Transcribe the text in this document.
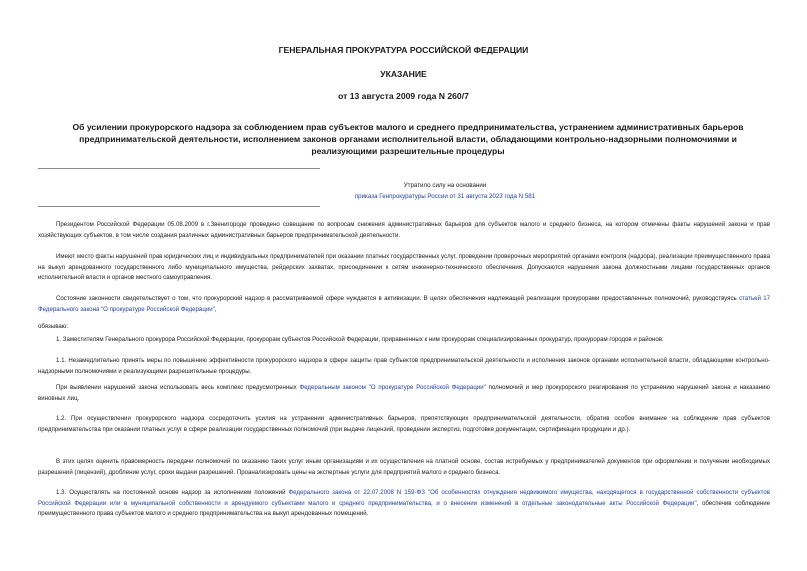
ГЕНЕРАЛЬНАЯ ПРОКУРАТУРА РОССИЙСКОЙ ФЕДЕРАЦИИ
УКАЗАНИЕ
от 13 августа 2009 года N 260/7
Об усилении прокурорского надзора за соблюдением прав субъектов малого и среднего предпринимательства, устранением административных барьеров предпринимательской деятельности, исполнением законов органами исполнительной власти, обладающими контрольно-надзорными полномочиями и реализующими разрешительные процедуры
Утратило силу на основании
приказа Генпрокуратуры России от 31 августа 2023 года N 581
Президентом Российской Федерации 05.08.2009 в г.Звенигороде проведено совещание по вопросам снижения административных барьеров для субъектов малого и среднего бизнеса, на котором отмечены факты нарушений закона и прав хозяйствующих субъектов, в том числе создания различных административных барьеров предпринимательской деятельности.
Имеют место факты нарушений прав юридических лиц и индивидуальных предпринимателей при оказании платных государственных услуг, проведении проверочных мероприятий органами контроля (надзора), реализации преимущественного права на выкуп арендованного государственного либо муниципального имущества, рейдерских захватах, присоединении к сетям инженерно-технического обеспечения. Допускаются нарушения закона должностными лицами государственных органов исполнительной власти и органов местного самоуправления.
Состояние законности свидетельствует о том, что прокурорский надзор в рассматриваемой сфере нуждается в активизации. В целях обеспечения надлежащей реализации прокурорами предоставленных полномочий, руководствуясь статьей 17 Федерального закона "О прокуратуре Российской Федерации",
обязываю:
1. Заместителям Генерального прокурора Российской Федерации, прокурорам субъектов Российской Федерации, приравненных к ним прокурорам специализированных прокуратур, прокурорам городов и районов:
1.1. Незамедлительно принять меры по повышению эффективности прокурорского надзора в сфере защиты прав субъектов предпринимательской деятельности и исполнения законов органами исполнительной власти, обладающими контрольно-надзорными полномочиями и реализующими разрешительные процедуры.
При выявлении нарушений закона использовать весь комплекс предусмотренных Федеральным законом "О прокуратуре Российской Федерации" полномочий и мер прокурорского реагирования по устранению нарушений закона и наказанию виновных лиц.
1.2. При осуществлении прокурорского надзора сосредоточить усилия на устранении административных барьеров, препятствующих предпринимательской деятельности, обратив особое внимание на соблюдение прав субъектов предпринимательства при оказании платных услуг в сфере реализации государственных полномочий (при выдаче лицензий, проведении экспертиз, подготовке документации, сертификации продукции и др.).
В этих целях оценить правомерность передачи полномочий по оказанию таких услуг иным организациям и их осуществления на платной основе, состав истребуемых у предпринимателей документов при оформлении и получении необходимых разрешений (лицензий), дробление услуг, сроки выдачи разрешений. Проанализировать цены на экспертные услуги для предприятий малого и среднего бизнеса.
1.3. Осуществлять на постоянной основе надзор за исполнением положений Федерального закона от 22.07.2008 N 159-ФЗ "Об особенностях отчуждения недвижимого имущества, находящегося в государственной собственности субъектов Российской Федерации или в муниципальной собственности и арендуемого субъектами малого и среднего предпринимательства, и о внесении изменений в отдельные законодательные акты Российской Федерации", обеспечив соблюдение преимущественного права субъектов малого и среднего предпринимательства на выкуп арендованных помещений.
